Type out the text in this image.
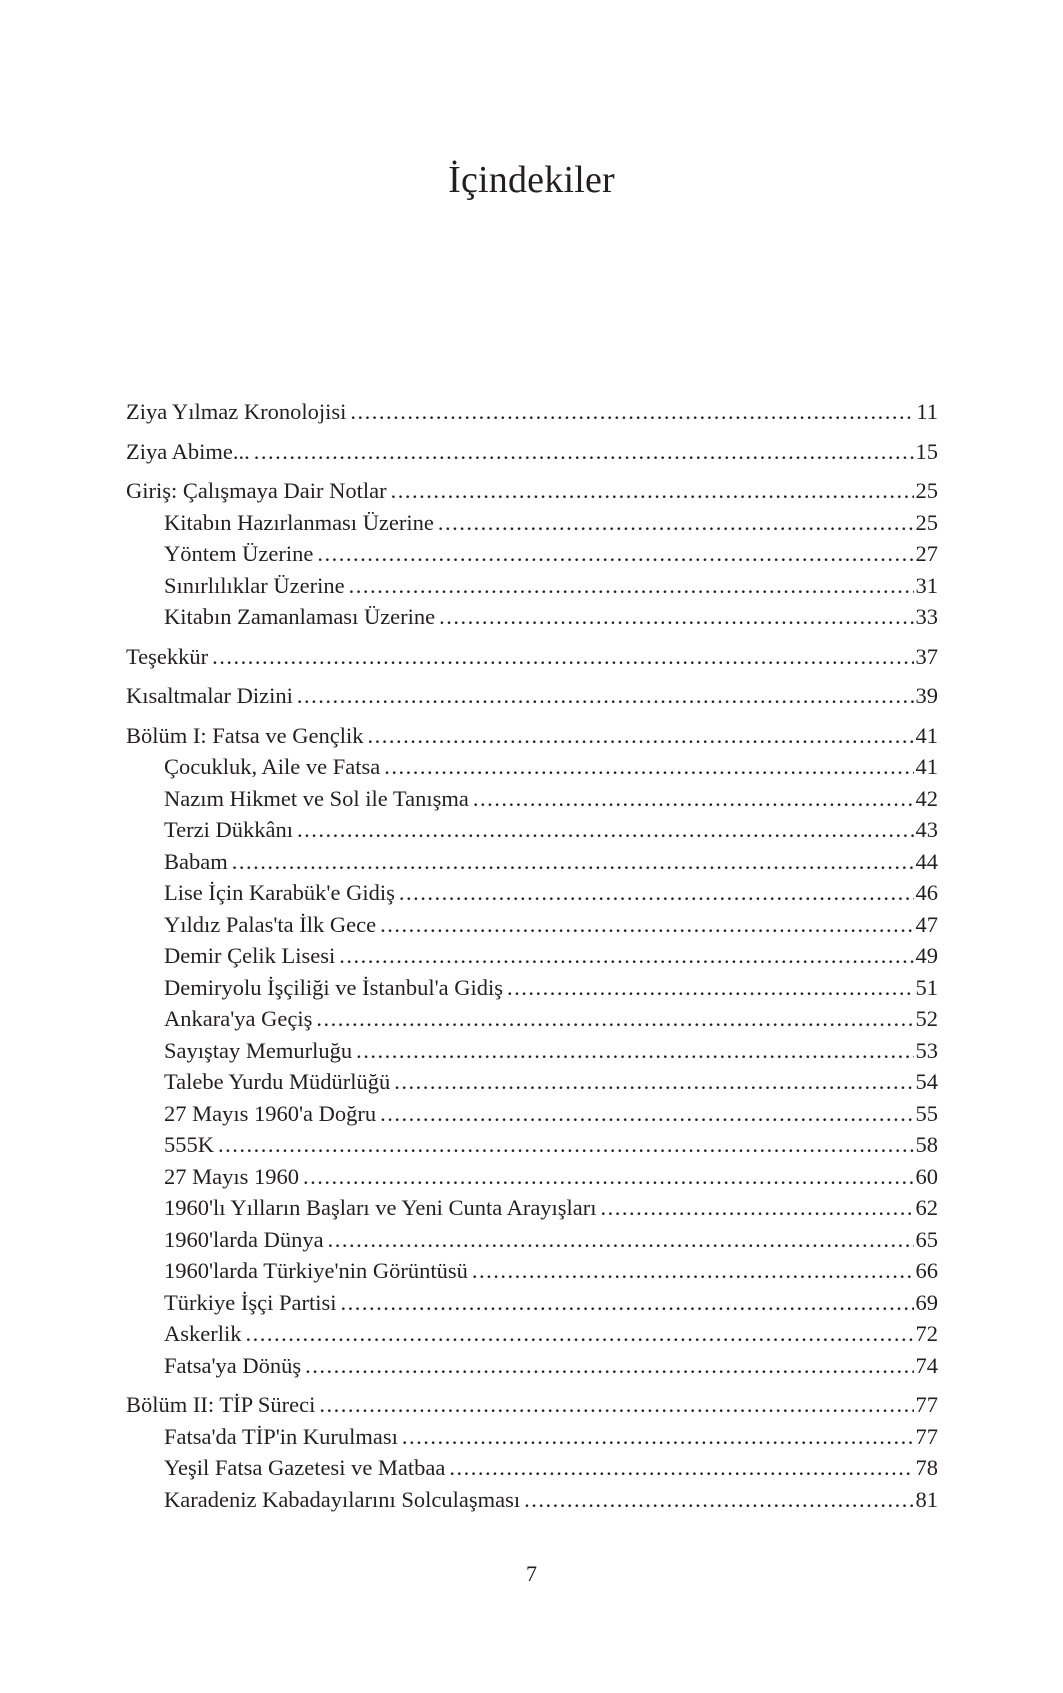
İçindekiler
Ziya Yılmaz Kronolojisi .....	11
Ziya Abime... .....	15
Giriş: Çalışmaya Dair Notlar .....	25
Kitabın Hazırlanması Üzerine .....	25
Yöntem Üzerine .....	27
Sınırlılıklar Üzerine .....	31
Kitabın Zamanlaması Üzerine .....	33
Teşekkür .....	37
Kısaltmalar Dizini .....	39
Bölüm I: Fatsa ve Gençlik .....	41
Çocukluk, Aile ve Fatsa .....	41
Nazım Hikmet ve Sol ile Tanışma .....	42
Terzi Dükkânı .....	43
Babam .....	44
Lise İçin Karabük'e Gidiş .....	46
Yıldız Palas'ta İlk Gece .....	47
Demir Çelik Lisesi .....	49
Demiryolu İşçiliği ve İstanbul'a Gidiş .....	51
Ankara'ya Geçiş .....	52
Sayıştay Memurluğu .....	53
Talebe Yurdu Müdürlüğü .....	54
27 Mayıs 1960'a Doğru .....	55
555K .....	58
27 Mayıs 1960 .....	60
1960'lı Yılların Başları ve Yeni Cunta Arayışları .....	62
1960'larda Dünya .....	65
1960'larda Türkiye'nin Görüntüsü .....	66
Türkiye İşçi Partisi .....	69
Askerlik .....	72
Fatsa'ya Dönüş .....	74
Bölüm II: TİP Süreci .....	77
Fatsa'da TİP'in Kurulması .....	77
Yeşil Fatsa Gazetesi ve Matbaa .....	78
Karadeniz Kabadayılarını Solculaşması .....	81
7
